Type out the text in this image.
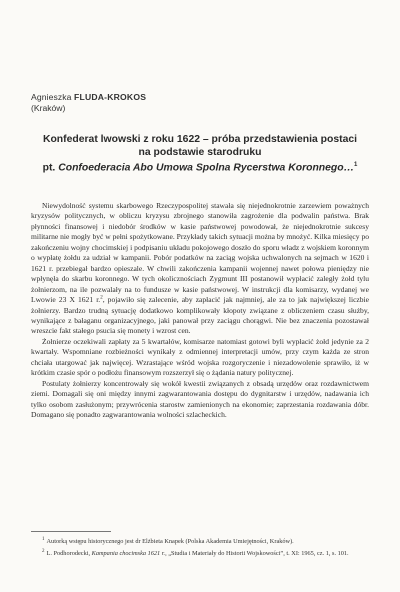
Agnieszka FLUDA-KROKOS
(Kraków)
Konfederat lwowski z roku 1622 – próba przedstawienia postaci
na podstawie starodruku
pt. Confoederacia Abo Umowa Spolna Rycerstwa Koronnego…$^1$

Niewydolność systemu skarbowego Rzeczypospolitej stawała się niejednokrotnie zarzewiem poważnych kryzysów politycznych, w obliczu kryzysu zbrojnego stanowiła zagrożenie dla podwalin państwa. Brak płynności finansowej i niedobór środków w kasie państwowej powodował, że niejednokrotnie sukcesy militarne nie mogły być w pełni spożytkowane. Przykłady takich sytuacji można by mnożyć. Kilka miesięcy po zakończeniu wojny chocimskiej i podpisaniu układu pokojowego doszło do sporu władz z wojskiem koronnym o wypłatę żołdu za udział w kampanii. Pobór podatków na zaciąg wojska uchwalonych na sejmach w 1620 i 1621 r. przebiegał bardzo opieszale. W chwili zakończenia kampanii wojennej nawet połowa pieniędzy nie wpłynęła do skarbu koronnego. W tych okolicznościach Zygmunt III postanowił wypłacić zaległy żołd tylu żołnierzom, na ile pozwalały na to fundusze w kasie państwowej. W instrukcji dla komisarzy, wydanej we Lwowie 23 X 1621 r.$^2$, pojawiło się zalecenie, aby zapłacić jak najmniej, ale za to jak największej liczbie żołnierzy. Bardzo trudną sytuację dodatkowo komplikowały kłopoty związane z obliczeniem czasu służby, wynikające z bałaganu organizacyjnego, jaki panował przy zaciągu chorągwi. Nie bez znaczenia pozostawał wreszcie fakt stałego psucia się monety i wzrost cen.

Żołnierze oczekiwali zapłaty za 5 kwartałów, komisarze natomiast gotowi byli wypłacić żołd jedynie za 2 kwartały. Wspomniane rozbieżności wynikały z odmiennej interpretacji umów, przy czym każda ze stron chciała utargować jak najwięcej. Wzrastające wśród wojska rozgoryczenie i niezadowolenie sprawiło, iż w krótkim czasie spór o podłożu finansowym rozszerzył się o żądania natury politycznej.

Postulaty żołnierzy koncentrowały się wokół kwestii związanych z obsadą urzędów oraz rozdawnictwem ziemi. Domagali się oni między innymi zagwarantowania dostępu do dygnitarstw i urzędów, nadawania ich tylko osobom zasłużonym; przywrócenia starostw zamienionych na ekonomie; zaprzestania rozdawania dóbr. Domagano się ponadto zagwarantowania wolności szlacheckich.

$^1$ Autorką wstępu historycznego jest dr Elżbieta Knapek (Polska Akademia Umiejętności, Kraków).
$^2$ L. Podhorodecki, Kampania chocimska 1621 r., „Studia i Materiały do Historii Wojskowości”, t. XI: 1965, cz. 1, s. 101.
